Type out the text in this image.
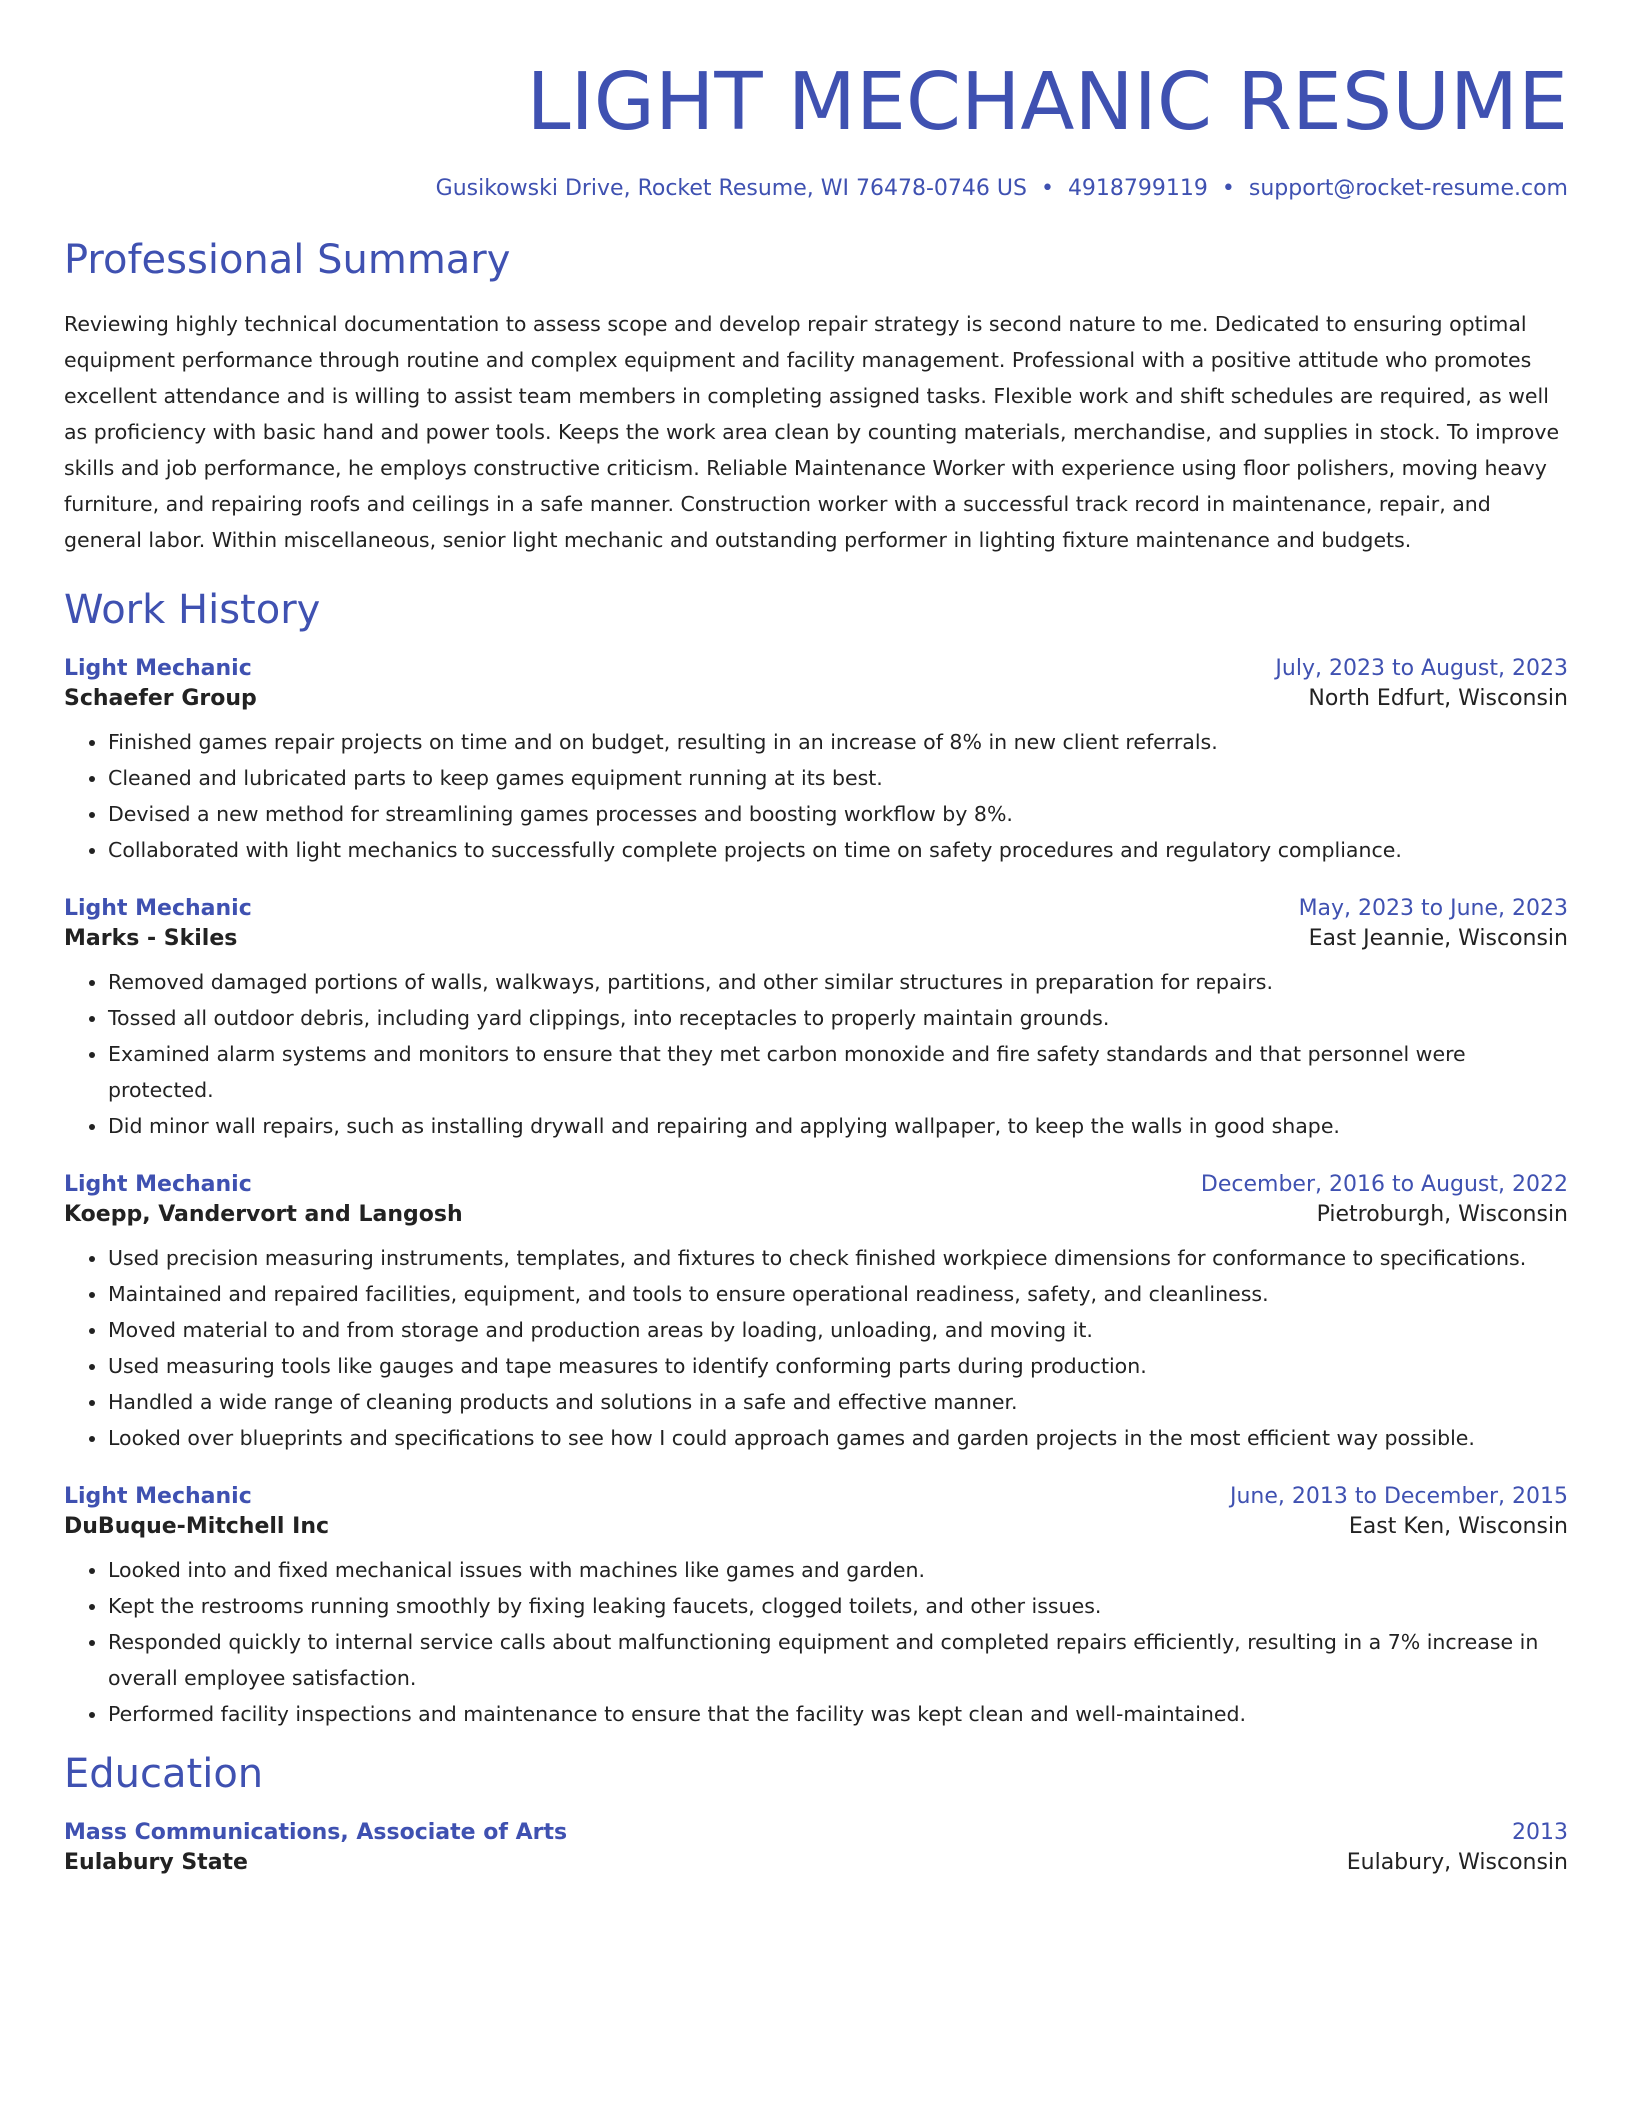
LIGHT MECHANIC RESUME
Gusikowski Drive, Rocket Resume, WI 76478-0746 US • 4918799119 • support@rocket-resume.com
Professional Summary

Reviewing highly technical documentation to assess scope and develop repair strategy is second nature to me. Dedicated to ensuring optimal equipment performance through routine and complex equipment and facility management. Professional with a positive attitude who promotes excellent attendance and is willing to assist team members in completing assigned tasks. Flexible work and shift schedules are required, as well as proficiency with basic hand and power tools. Keeps the work area clean by counting materials, merchandise, and supplies in stock. To improve skills and job performance, he employs constructive criticism. Reliable Maintenance Worker with experience using floor polishers, moving heavy furniture, and repairing roofs and ceilings in a safe manner. Construction worker with a successful track record in maintenance, repair, and general labor. Within miscellaneous, senior light mechanic and outstanding performer in lighting fixture maintenance and budgets.

Work History
Light Mechanic	July, 2023 to August, 2023
Schaefer Group	North Edfurt, Wisconsin
• Finished games repair projects on time and on budget, resulting in an increase of 8% in new client referrals.
• Cleaned and lubricated parts to keep games equipment running at its best.
• Devised a new method for streamlining games processes and boosting workflow by 8%.
• Collaborated with light mechanics to successfully complete projects on time on safety procedures and regulatory compliance.
Light Mechanic	May, 2023 to June, 2023
Marks - Skiles	East Jeannie, Wisconsin
• Removed damaged portions of walls, walkways, partitions, and other similar structures in preparation for repairs.
• Tossed all outdoor debris, including yard clippings, into receptacles to properly maintain grounds.
• Examined alarm systems and monitors to ensure that they met carbon monoxide and fire safety standards and that personnel were protected.
• Did minor wall repairs, such as installing drywall and repairing and applying wallpaper, to keep the walls in good shape.
Light Mechanic	December, 2016 to August, 2022
Koepp, Vandervort and Langosh	Pietroburgh, Wisconsin
• Used precision measuring instruments, templates, and fixtures to check finished workpiece dimensions for conformance to specifications.
• Maintained and repaired facilities, equipment, and tools to ensure operational readiness, safety, and cleanliness.
• Moved material to and from storage and production areas by loading, unloading, and moving it.
• Used measuring tools like gauges and tape measures to identify conforming parts during production.
• Handled a wide range of cleaning products and solutions in a safe and effective manner.
• Looked over blueprints and specifications to see how I could approach games and garden projects in the most efficient way possible.
Light Mechanic	June, 2013 to December, 2015
DuBuque-Mitchell Inc	East Ken, Wisconsin
• Looked into and fixed mechanical issues with machines like games and garden.
• Kept the restrooms running smoothly by fixing leaking faucets, clogged toilets, and other issues.
• Responded quickly to internal service calls about malfunctioning equipment and completed repairs efficiently, resulting in a 7% increase in overall employee satisfaction.
• Performed facility inspections and maintenance to ensure that the facility was kept clean and well-maintained.
Education
Mass Communications, Associate of Arts	2013
Eulabury State	Eulabury, Wisconsin
